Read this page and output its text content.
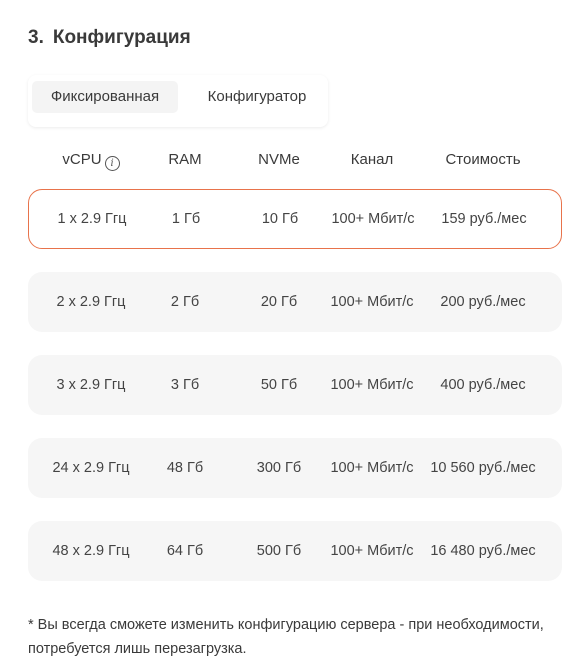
3. Конфигурация
Фиксированная	Конфигуратор
vCPU i	RAM	NVMe	Канал	Стоимость
1 x 2.9 Ггц	1 Гб	10 Гб	100+ Мбит/с	159 руб./мес
2 x 2.9 Ггц	2 Гб	20 Гб	100+ Мбит/с	200 руб./мес
3 x 2.9 Ггц	3 Гб	50 Гб	100+ Мбит/с	400 руб./мес
24 x 2.9 Ггц	48 Гб	300 Гб	100+ Мбит/с	10 560 руб./мес
48 x 2.9 Ггц	64 Гб	500 Гб	100+ Мбит/с	16 480 руб./мес
* Вы всегда сможете изменить конфигурацию сервера - при необходимости, потребуется лишь перезагрузка.
